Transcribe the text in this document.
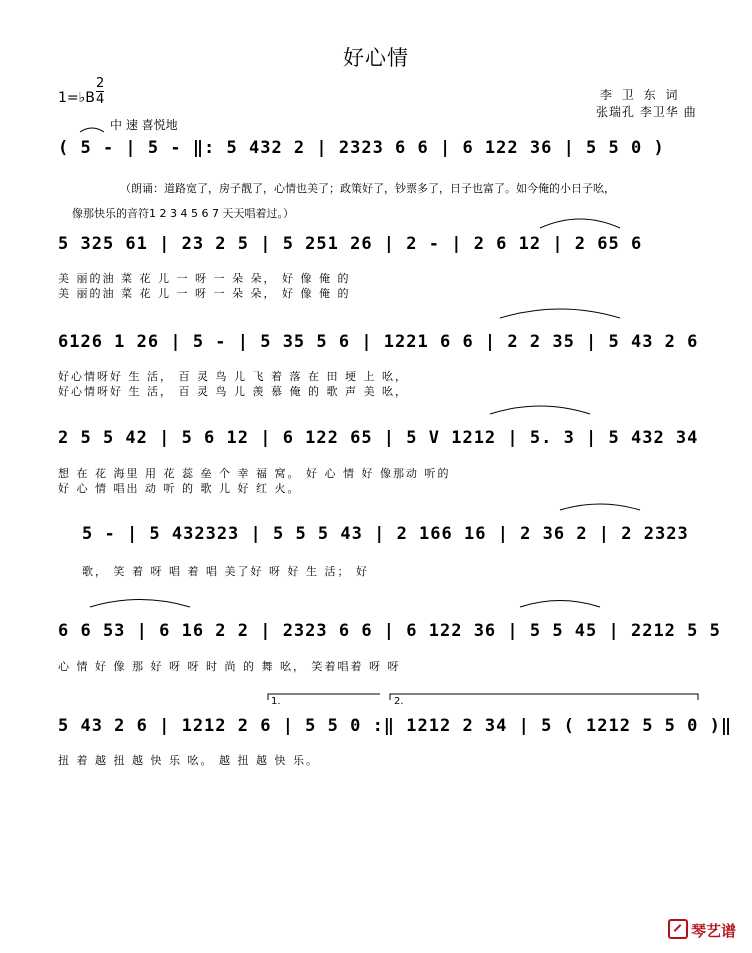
好心情
1=♭B $\frac{2}{4}$
中 速 喜悦地
李 卫 东 词
张瑞孔 李卫华 曲
( 5 - | 5 - ‖: 5 432 2 | 2323 6 6 | 6 122 36 | 5 5 0 )
（朗诵：道路宽了，房子靓了，心情也美了；政策好了，钞票多了，日子也富了。如今俺的小日子吆，
像那快乐的音符1 2 3 4 5 6 7 天天唱着过。）
5 325 61 | 23 2 5 | 5 251 26 | 2 - | 2 6 12 | 2 65 6
美 丽的油 菜 花 儿 一 呀 一 朵 朵， 好 像 俺 的
美 丽的油 菜 花 儿 一 呀 一 朵 朵， 好 像 俺 的
6126 1 26 | 5 - | 5 35 5 6 | 1221 6 6 | 2 2 35 | 5 43 2 6
好心情呀好 生 活， 百 灵 鸟 儿 飞 着 落 在 田 埂 上 吆，
好心情呀好 生 活， 百 灵 鸟 儿 羡 慕 俺 的 歌 声 美 吆，
2 5 5 42 | 5 6 12 | 6 122 65 | 5 V 1212 | 5. 3 | 5 432 34
想 在 花 海里 用 花 蕊 垒 个 幸 福 窝。 好 心 情 好 像那动 听的
好 心 情 唱出 动 听 的 歌 儿 好 红 火。
5 - | 5 432323 | 5 5 5 43 | 2 166 16 | 2 36 2 | 2 2323
歌， 笑 着 呀 唱 着 唱 美了好 呀 好 生 活； 好
6 6 53 | 6 16 2 2 | 2323 6 6 | 6 122 36 | 5 5 45 | 2212 5 5
心 情 好 像 那 好 呀 呀 时 尚 的 舞 吆， 笑着唱着 呀 呀
1.	2.
5 43 2 6 | 1212 2 6 | 5 5 0 :‖ 1212 2 34 | 5 ( 1212 5 5 0 )‖
扭 着 越 扭 越 快 乐 吆。 越 扭 越 快 乐。
琴艺谱
